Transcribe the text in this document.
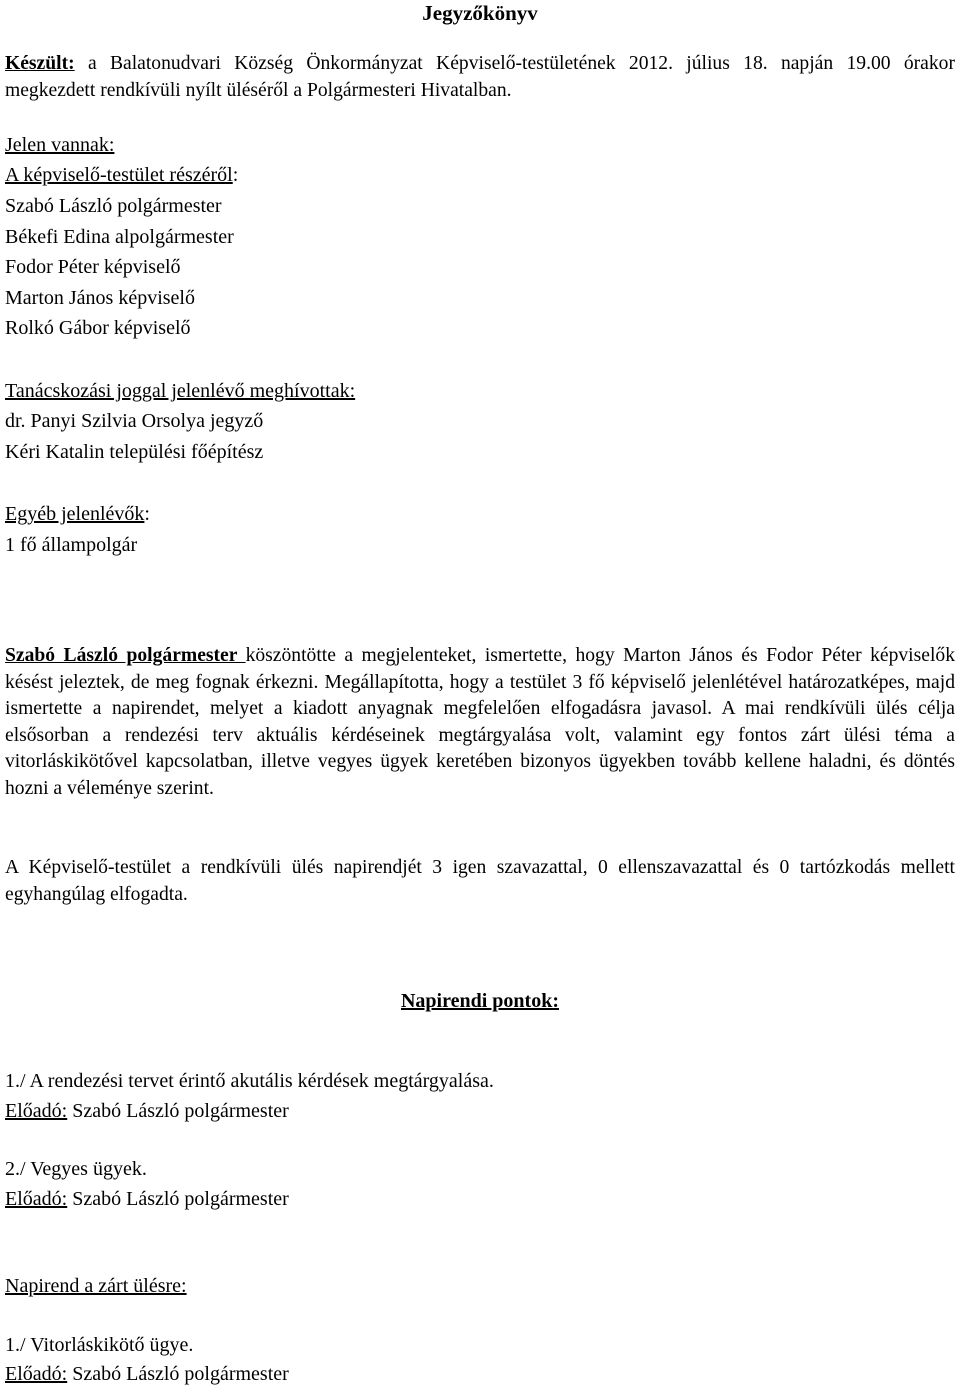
Jegyzőkönyv
Készült: a Balatonudvari Község Önkormányzat Képviselő-testületének 2012. július 18. napján 19.00 órakor megkezdett rendkívüli nyílt üléséről a Polgármesteri Hivatalban.
Jelen vannak:
A képviselő-testület részéről:
Szabó László polgármester
Békefi Edina alpolgármester
Fodor Péter képviselő
Marton János képviselő
Rolkó Gábor képviselő
Tanácskozási joggal jelenlévő meghívottak:
dr. Panyi Szilvia Orsolya jegyző
Kéri Katalin települési főépítész
Egyéb jelenlévők:
1 fő állampolgár
Szabó László polgármester köszöntötte a megjelenteket, ismertette, hogy Marton János és Fodor Péter képviselők késést jeleztek, de meg fognak érkezni. Megállapította, hogy a testület 3 fő képviselő jelenlétével határozatképes, majd ismertette a napirendet, melyet a kiadott anyagnak megfelelően elfogadásra javasol. A mai rendkívüli ülés célja elsősorban a rendezési terv aktuális kérdéseinek megtárgyalása volt, valamint egy fontos zárt ülési téma a vitorláskikötővel kapcsolatban, illetve vegyes ügyek keretében bizonyos ügyekben tovább kellene haladni, és döntés hozni a véleménye szerint.
A Képviselő-testület a rendkívüli ülés napirendjét 3 igen szavazattal, 0 ellenszavazattal és 0 tartózkodás mellett egyhangúlag elfogadta.
Napirendi pontok:
1./ A rendezési tervet érintő akutális kérdések megtárgyalása.
Előadó: Szabó László polgármester
2./ Vegyes ügyek.
Előadó: Szabó László polgármester
Napirend a zárt ülésre:
1./ Vitorláskikötő ügye.
Előadó: Szabó László polgármester
